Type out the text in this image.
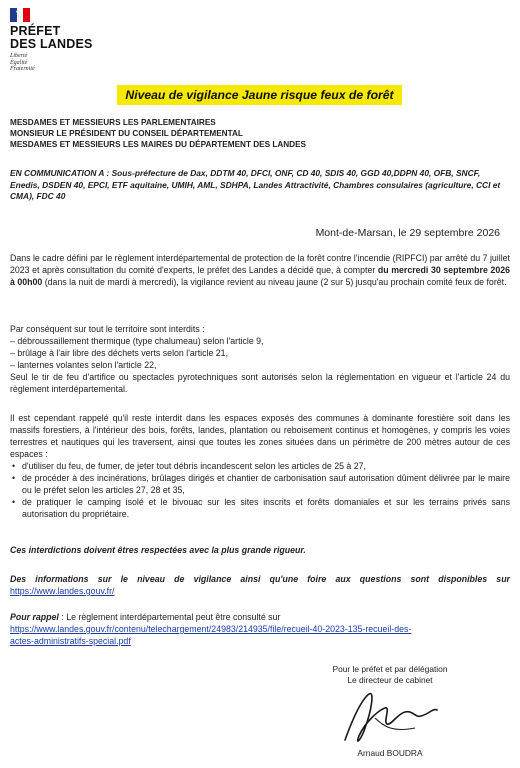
PRÉFET
DES LANDES
Liberté
Égalité
Fraternité
Niveau de vigilance Jaune risque feux de forêt
MESDAMES ET MESSIEURS LES PARLEMENTAIRES
MONSIEUR LE PRÉSIDENT DU CONSEIL DÉPARTEMENTAL
MESDAMES ET MESSIEURS LES MAIRES DU DÉPARTEMENT DES LANDES
EN COMMUNICATION A : Sous-préfecture de Dax, DDTM 40, DFCI, ONF, CD 40, SDIS 40, GGD 40,DDPN 40, OFB, SNCF, Enedis, DSDEN 40, EPCI, ETF aquitaine, UMIH, AML, SDHPA, Landes Attractivité, Chambres consulaires (agriculture, CCI et CMA), FDC 40
Mont-de-Marsan, le 29 septembre 2026
Dans le cadre défini par le règlement interdépartemental de protection de la forêt contre l'incendie (RIPFCI) par arrêté du 7 juillet 2023 et après consultation du comité d'experts, le préfet des Landes a décidé que, à compter du mercredi 30 septembre 2026 à 00h00 (dans la nuit de mardi à mercredi), la vigilance revient au niveau jaune (2 sur 5) jusqu'au prochain comité feux de forêt.
Par conséquent sur tout le territoire sont interdits :
– débroussaillement thermique (type chalumeau) selon l'article 9,
– brûlage à l'air libre des déchets verts selon l'article 21,
– lanternes volantes selon l'article 22,
Seul le tir de feu d'artifice ou spectacles pyrotechniques sont autorisés selon la réglementation en vigueur et l'article 24 du règlement interdépartemental.
Il est cependant rappelé qu'il reste interdit dans les espaces exposés des communes à dominante forestière soit dans les massifs forestiers, à l'intérieur des bois, forêts, landes, plantation ou reboisement continus et homogènes, y compris les voies terrestres et nautiques qui les traversent, ainsi que toutes les zones situées dans un périmètre de 200 mètres autour de ces espaces :
• d'utiliser du feu, de fumer, de jeter tout débris incandescent selon les articles de 25 à 27,
• de procéder à des incinérations, brûlages dirigés et chantier de carbonisation sauf autorisation dûment délivrée par le maire ou le préfet selon les articles 27, 28 et 35,
• de pratiquer le camping isolé et le bivouac sur les sites inscrits et forêts domaniales et sur les terrains privés sans autorisation du propriétaire.
Ces interdictions doivent êtres respectées avec la plus grande rigueur.
Des informations sur le niveau de vigilance ainsi qu'une foire aux questions sont disponibles sur
https://www.landes.gouv.fr/
Pour rappel : Le règlement interdépartemental peut être consulté sur
https://www.landes.gouv.fr/contenu/telechargement/24983/214935/file/recueil-40-2023-135-recueil-des-
actes-administratifs-special.pdf
Pour le préfet et par délégation
Le directeur de cabinet
Arnaud BOUDRA
